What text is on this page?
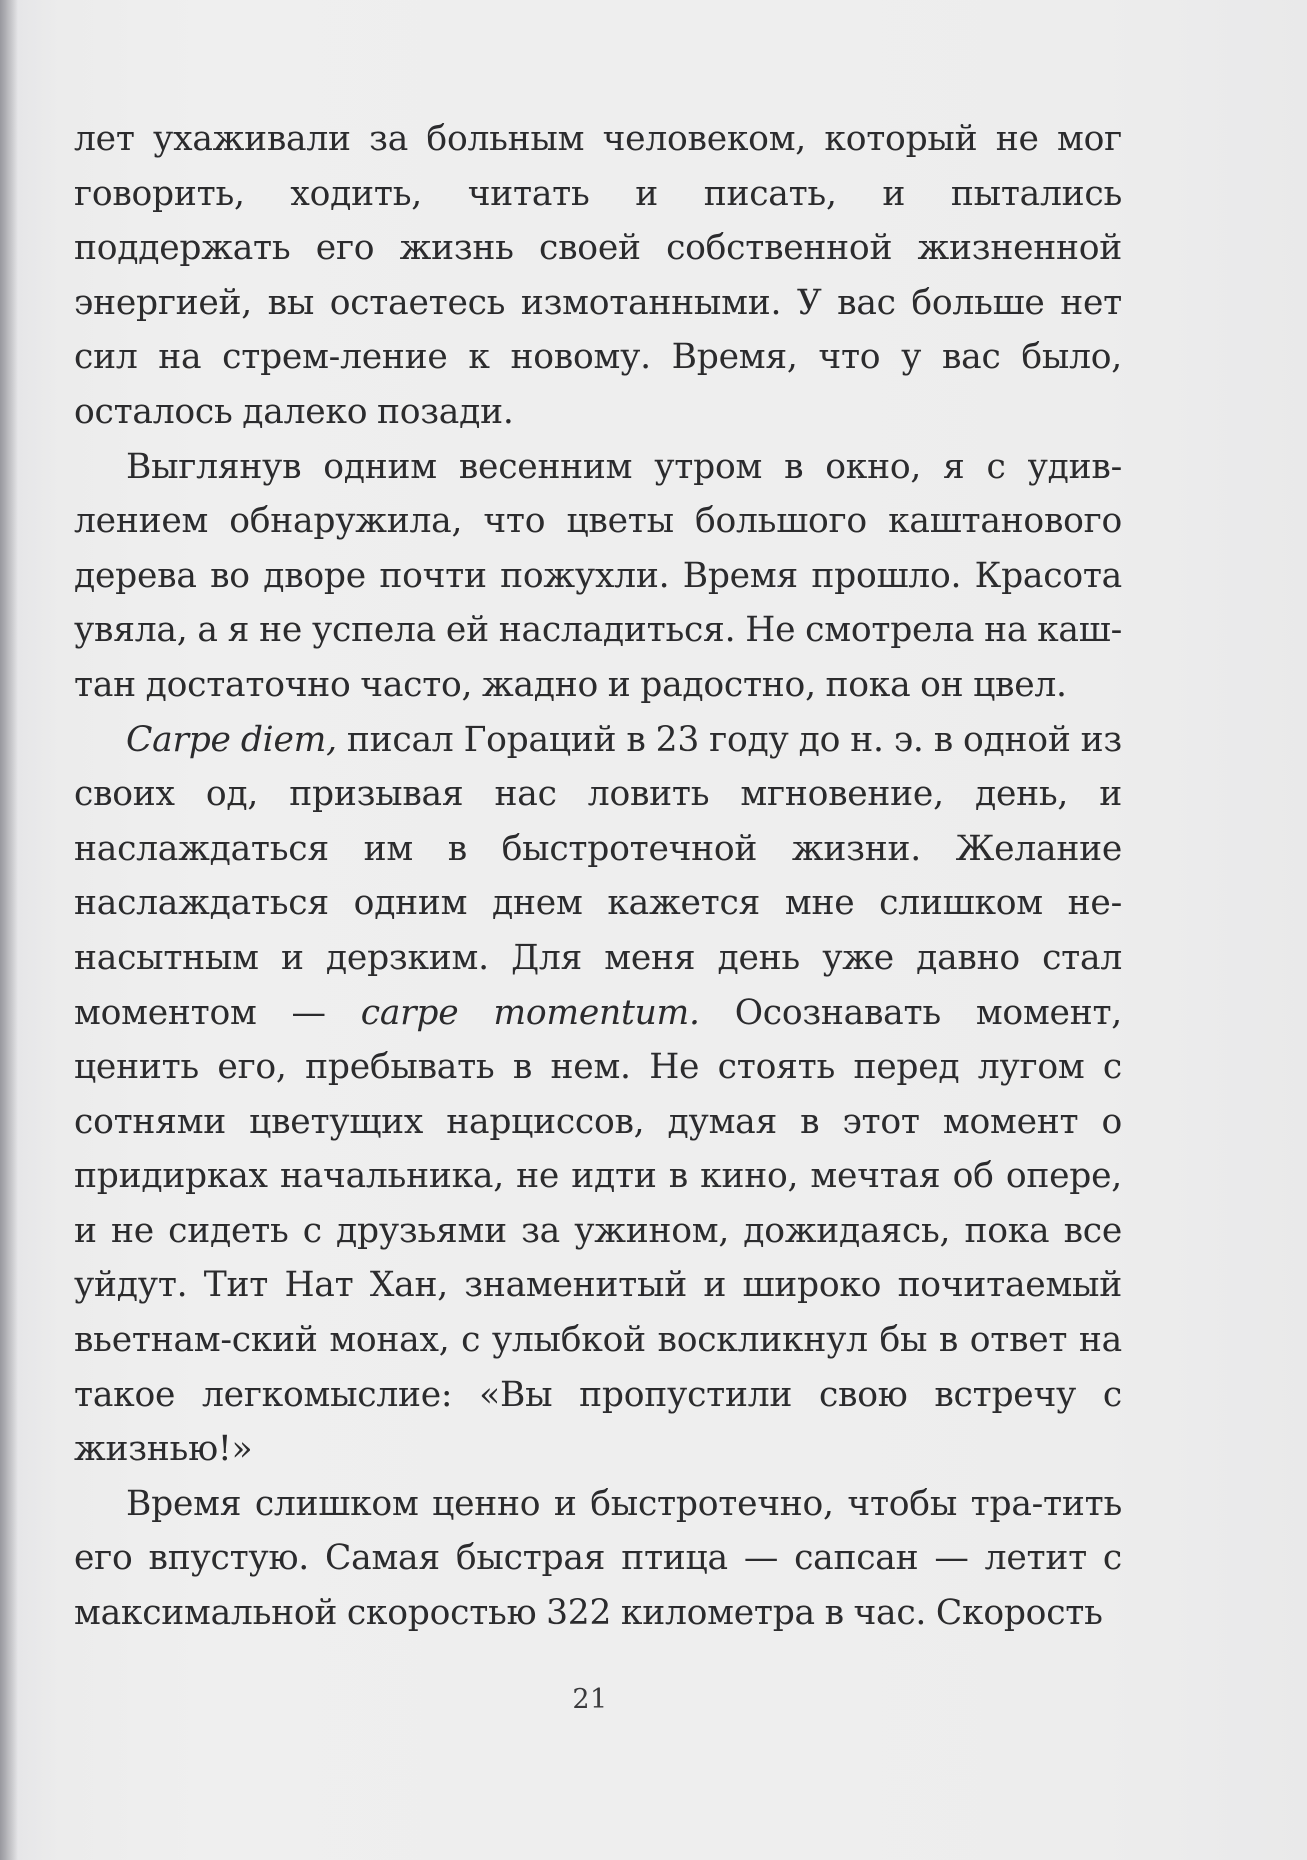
лет ухаживали за больным человеком, который не мог говорить, ходить, читать и писать, и пытались поддержать его жизнь своей собственной жизненной энергией, вы остаетесь измотанными. У вас больше нет сил на стрем-ление к новому. Время, что у вас было, осталось далеко позади.

Выглянув одним весенним утром в окно, я с удив-лением обнаружила, что цветы большого каштанового дерева во дворе почти пожухли. Время прошло. Красота увяла, а я не успела ей насладиться. Не смотрела на каш-тан достаточно часто, жадно и радостно, пока он цвел.

Carpe diem, писал Гораций в 23 году до н. э. в одной из своих од, призывая нас ловить мгновение, день, и наслаждаться им в быстротечной жизни. Желание наслаждаться одним днем кажется мне слишком не-насытным и дерзким. Для меня день уже давно стал моментом — carpe momentum. Осознавать момент, ценить его, пребывать в нем. Не стоять перед лугом с сотнями цветущих нарциссов, думая в этот момент о придирках начальника, не идти в кино, мечтая об опере, и не сидеть с друзьями за ужином, дожидаясь, пока все уйдут. Тит Нат Хан, знаменитый и широко почитаемый вьетнам-ский монах, с улыбкой воскликнул бы в ответ на такое легкомыслие: «Вы пропустили свою встречу с жизнью!»

Время слишком ценно и быстротечно, чтобы тра-тить его впустую. Самая быстрая птица — сапсан — летит с максимальной скоростью 322 километра в час. Скорость

21
